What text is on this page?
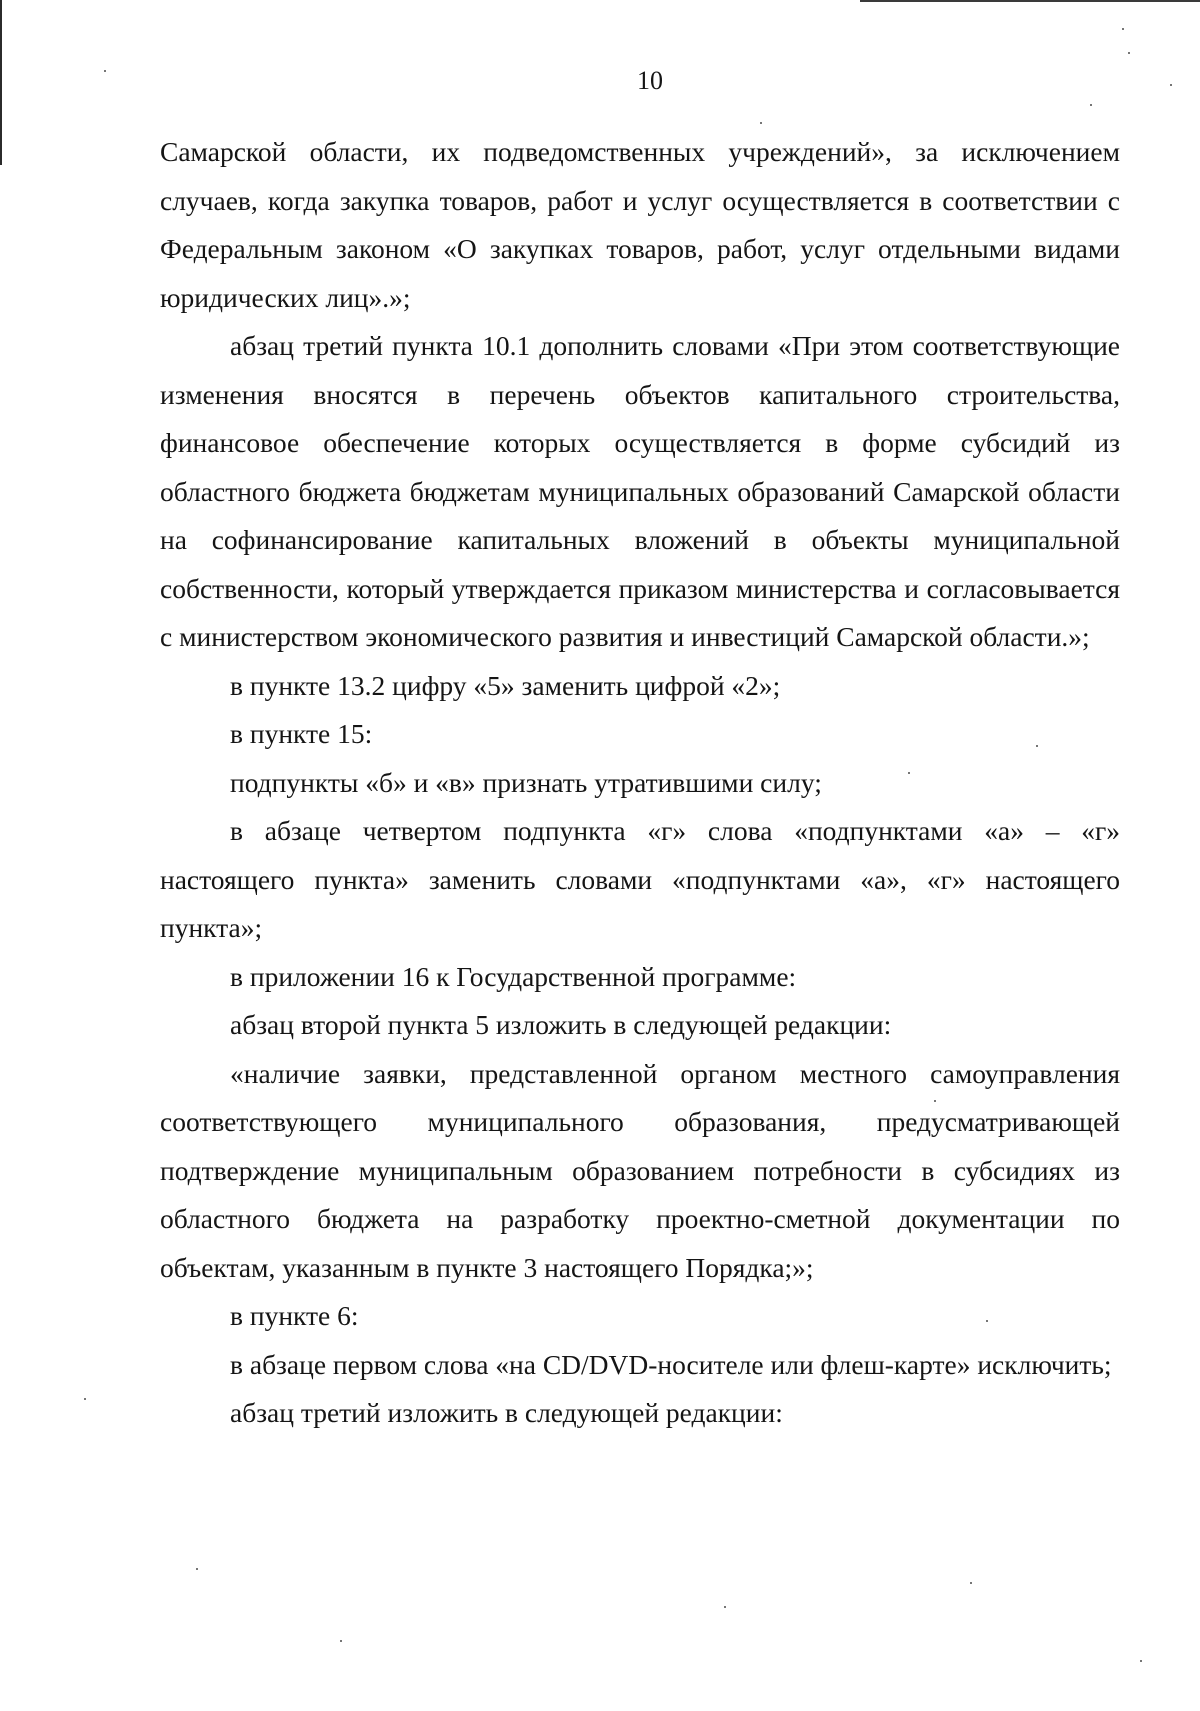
10

Самарской области, их подведомственных учреждений», за исключением случаев, когда закупка товаров, работ и услуг осуществляется в соответствии с Федеральным законом «О закупках товаров, работ, услуг отдельными видами юридических лиц».»;

абзац третий пункта 10.1 дополнить словами «При этом соответствующие изменения вносятся в перечень объектов капитального строительства, финансовое обеспечение которых осуществляется в форме субсидий из областного бюджета бюджетам муниципальных образований Самарской области на софинансирование капитальных вложений в объекты муниципальной собственности, который утверждается приказом министерства и согласовывается с министерством экономического развития и инвестиций Самарской области.»;

в пункте 13.2 цифру «5» заменить цифрой «2»;

в пункте 15:

подпункты «б» и «в» признать утратившими силу;

в абзаце четвертом подпункта «г» слова «подпунктами «а» – «г» настоящего пункта» заменить словами «подпунктами «а», «г» настоящего пункта»;

в приложении 16 к Государственной программе:

абзац второй пункта 5 изложить в следующей редакции:

«наличие заявки, представленной органом местного самоуправления соответствующего муниципального образования, предусматривающей подтверждение муниципальным образованием потребности в субсидиях из областного бюджета на разработку проектно-сметной документации по объектам, указанным в пункте 3 настоящего Порядка;»;

в пункте 6:

в абзаце первом слова «на CD/DVD-носителе или флеш-карте» исключить;

абзац третий изложить в следующей редакции:
